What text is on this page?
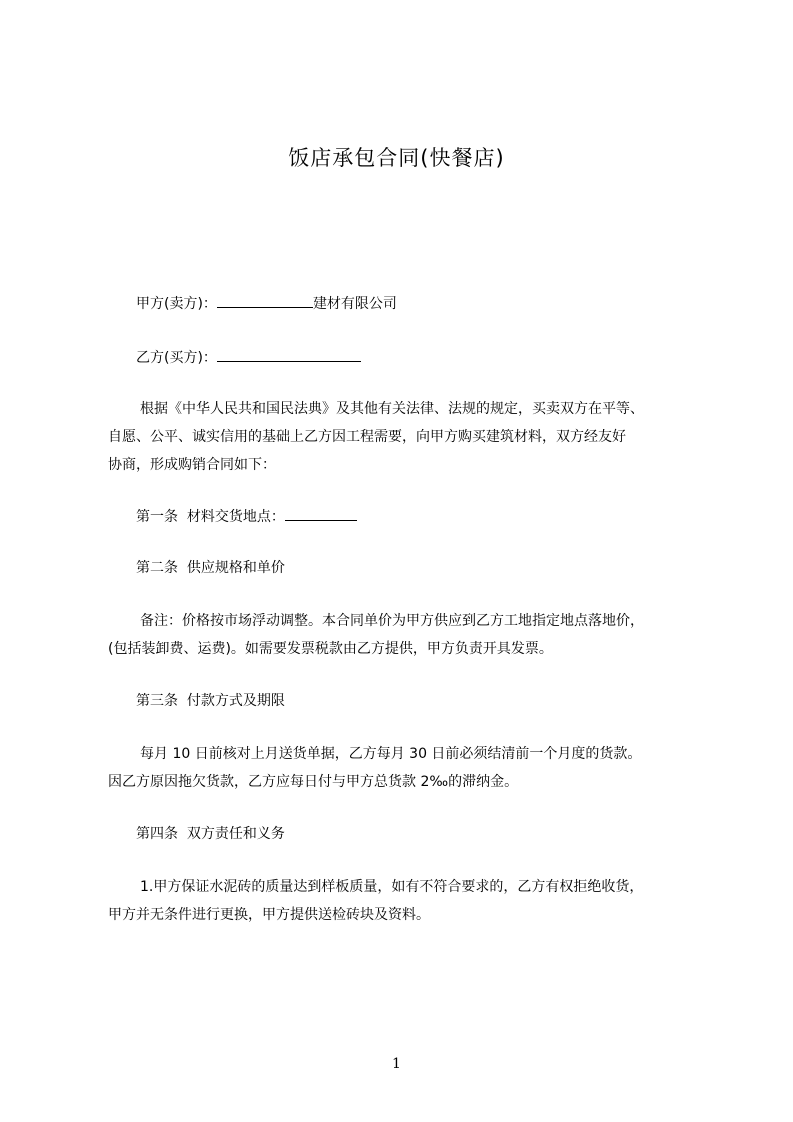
饭店承包合同(快餐店)
甲方(卖方)：	建材有限公司
乙方(买方)：

根据《中华人民共和国民法典》及其他有关法律、法规的规定，买卖双方在平等、

自愿、公平、诚实信用的基础上乙方因工程需要，向甲方购买建筑材料，双方经友好

协商，形成购销合同如下：

第一条  材料交货地点：
第二条  供应规格和单价

备注：价格按市场浮动调整。本合同单价为甲方供应到乙方工地指定地点落地价，

(包括装卸费、运费)。如需要发票税款由乙方提供，甲方负责开具发票。

第三条  付款方式及期限

每月 10 日前核对上月送货单据，乙方每月 30 日前必须结清前一个月度的货款。

因乙方原因拖欠货款，乙方应每日付与甲方总货款 2‰的滞纳金。

第四条  双方责任和义务

1.甲方保证水泥砖的质量达到样板质量，如有不符合要求的，乙方有权拒绝收货，

甲方并无条件进行更换，甲方提供送检砖块及资料。

1
